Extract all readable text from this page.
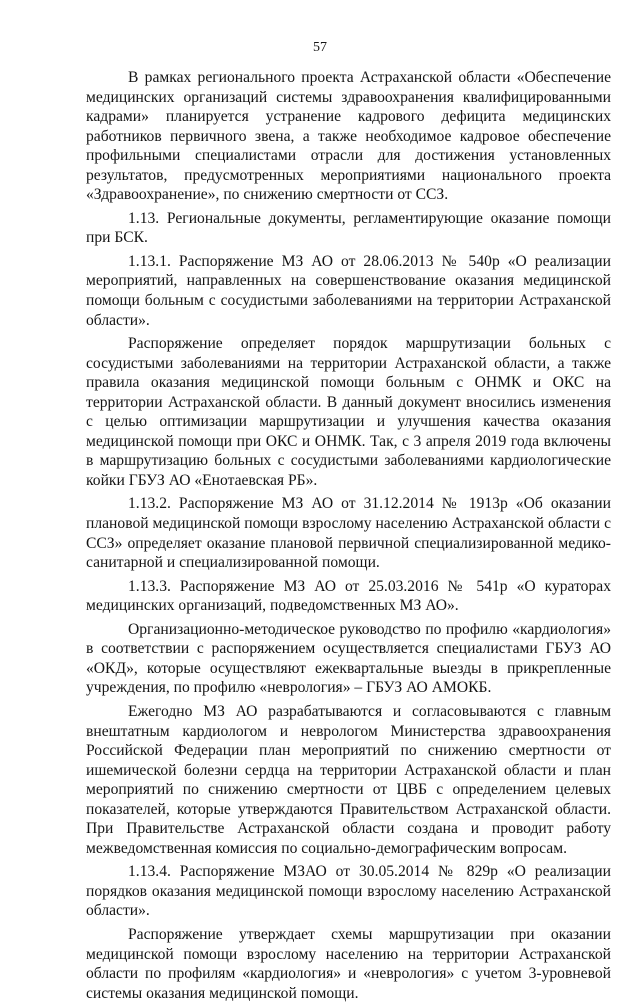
57

В рамках регионального проекта Астраханской области «Обеспечение медицинских организаций системы здравоохранения квалифицированными кадрами» планируется устранение кадрового дефицита медицинских работников первичного звена, а также необходимое кадровое обеспечение профильными специалистами отрасли для достижения установленных результатов, предусмотренных мероприятиями национального проекта «Здравоохранение», по снижению смертности от ССЗ.

1.13. Региональные документы, регламентирующие оказание помощи при БСК.

1.13.1. Распоряжение МЗ АО от 28.06.2013 № 540р «О реализации мероприятий, направленных на совершенствование оказания медицинской помощи больным с сосудистыми заболеваниями на территории Астраханской области».

Распоряжение определяет порядок маршрутизации больных с сосудистыми заболеваниями на территории Астраханской области, а также правила оказания медицинской помощи больным с ОНМК и ОКС на территории Астраханской области. В данный документ вносились изменения с целью оптимизации маршрутизации и улучшения качества оказания медицинской помощи при ОКС и ОНМК. Так, с 3 апреля 2019 года включены в маршрутизацию больных с сосудистыми заболеваниями кардиологические койки ГБУЗ АО «Енотаевская РБ».

1.13.2. Распоряжение МЗ АО от 31.12.2014 № 1913р «Об оказании плановой медицинской помощи взрослому населению Астраханской области с ССЗ» определяет оказание плановой первичной специализированной медико-санитарной и специализированной помощи.

1.13.3. Распоряжение МЗ АО от 25.03.2016 № 541р «О кураторах медицинских организаций, подведомственных МЗ АО».

Организационно-методическое руководство по профилю «кардиология» в соответствии с распоряжением осуществляется специалистами ГБУЗ АО «ОКД», которые осуществляют ежеквартальные выезды в прикрепленные учреждения, по профилю «неврология» – ГБУЗ АО АМОКБ.

Ежегодно МЗ АО разрабатываются и согласовываются с главным внештатным кардиологом и неврологом Министерства здравоохранения Российской Федерации план мероприятий по снижению смертности от ишемической болезни сердца на территории Астраханской области и план мероприятий по снижению смертности от ЦВБ с определением целевых показателей, которые утверждаются Правительством Астраханской области. При Правительстве Астраханской области создана и проводит работу межведомственная комиссия по социально-демографическим вопросам.

1.13.4. Распоряжение МЗАО от 30.05.2014 № 829р «О реализации порядков оказания медицинской помощи взрослому населению Астраханской области».

Распоряжение утверждает схемы маршрутизации при оказании медицинской помощи взрослому населению на территории Астраханской области по профилям «кардиология» и «неврология» с учетом 3-уровневой системы оказания медицинской помощи.
